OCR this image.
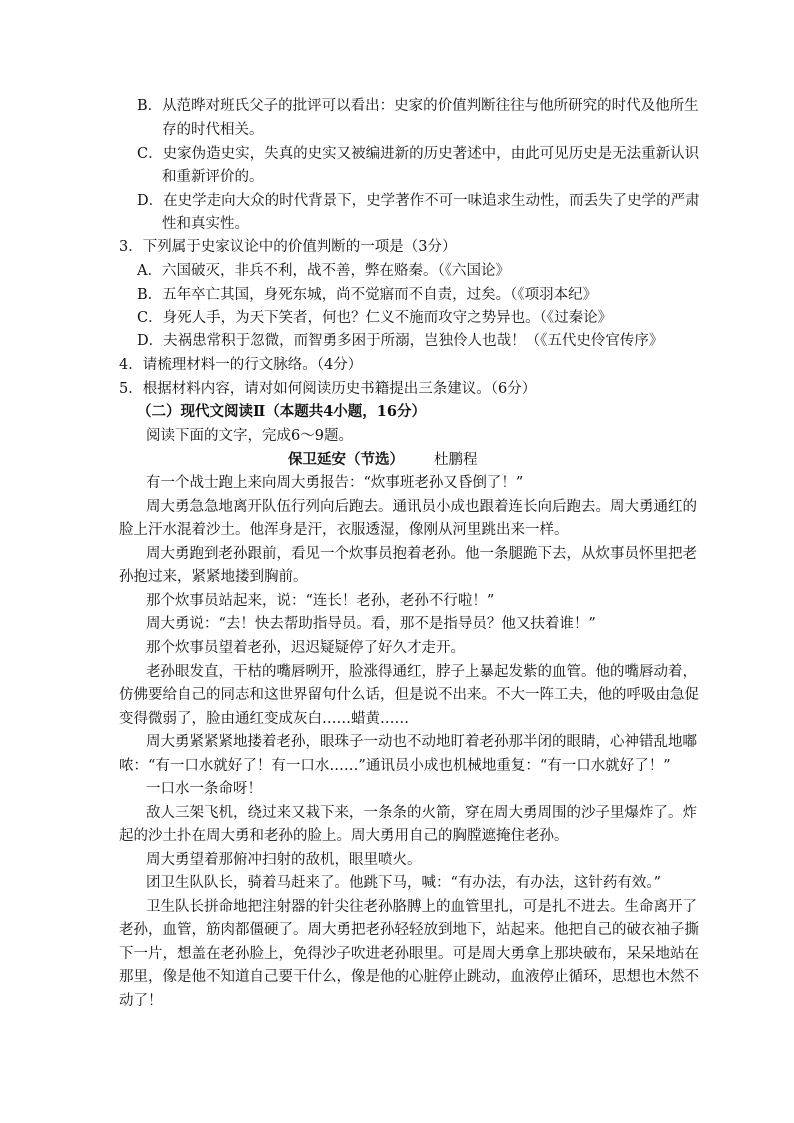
B．从范晔对班氏父子的批评可以看出：史家的价值判断往往与他所研究的时代及他所生
存的时代相关。
C．史家伪造史实，失真的史实又被编进新的历史著述中，由此可见历史是无法重新认识
和重新评价的。
D．在史学走向大众的时代背景下，史学著作不可一味追求生动性，而丢失了史学的严肃
性和真实性。
3．下列属于史家议论中的价值判断的一项是（3分）
A．六国破灭，非兵不利，战不善，弊在赂秦。（《六国论》
B．五年卒亡其国，身死东城，尚不觉寤而不自责，过矣。（《项羽本纪》
C．身死人手，为天下笑者，何也？仁义不施而攻守之势异也。（《过秦论》
D．夫祸患常积于忽微，而智勇多困于所溺，岂独伶人也哉！（《五代史伶官传序》
4．请梳理材料一的行文脉络。（4分）
5．根据材料内容，请对如何阅读历史书籍提出三条建议。（6分）
（二）现代文阅读Ⅱ（本题共4小题，16分）
阅读下面的文字，完成6～9题。
保卫延安（节选） 杜鹏程
有一个战士跑上来向周大勇报告：“炊事班老孙又昏倒了！”
周大勇急急地离开队伍行列向后跑去。通讯员小成也跟着连长向后跑去。周大勇通红的
脸上汗水混着沙土。他浑身是汗，衣服透湿，像刚从河里跳出来一样。
周大勇跑到老孙跟前，看见一个炊事员抱着老孙。他一条腿跪下去，从炊事员怀里把老
孙抱过来，紧紧地搂到胸前。
那个炊事员站起来，说：“连长！老孙，老孙不行啦！”
周大勇说：“去！快去帮助指导员。看，那不是指导员？他又扶着谁！”
那个炊事员望着老孙，迟迟疑疑停了好久才走开。
老孙眼发直，干枯的嘴唇咧开，脸涨得通红，脖子上暴起发紫的血管。他的嘴唇动着，
仿佛要给自己的同志和这世界留句什么话，但是说不出来。不大一阵工夫，他的呼吸由急促
变得微弱了，脸由通红变成灰白……蜡黄……
周大勇紧紧紧地搂着老孙，眼珠子一动也不动地盯着老孙那半闭的眼睛，心神错乱地嘟
哝：“有一口水就好了！有一口水……”通讯员小成也机械地重复：“有一口水就好了！”
一口水一条命呀！
敌人三架飞机，绕过来又栽下来，一条条的火箭，穿在周大勇周围的沙子里爆炸了。炸
起的沙土扑在周大勇和老孙的脸上。周大勇用自己的胸膛遮掩住老孙。
周大勇望着那俯冲扫射的敌机，眼里喷火。
团卫生队队长，骑着马赶来了。他跳下马，喊：“有办法，有办法，这针药有效。”
卫生队长拼命地把注射器的针尖往老孙胳膊上的血管里扎，可是扎不进去。生命离开了
老孙，血管，筋肉都僵硬了。周大勇把老孙轻轻放到地下，站起来。他把自己的破衣袖子撕
下一片，想盖在老孙脸上，免得沙子吹进老孙眼里。可是周大勇拿上那块破布，呆呆地站在
那里，像是他不知道自己要干什么，像是他的心脏停止跳动，血液停止循环，思想也木然不
动了！
